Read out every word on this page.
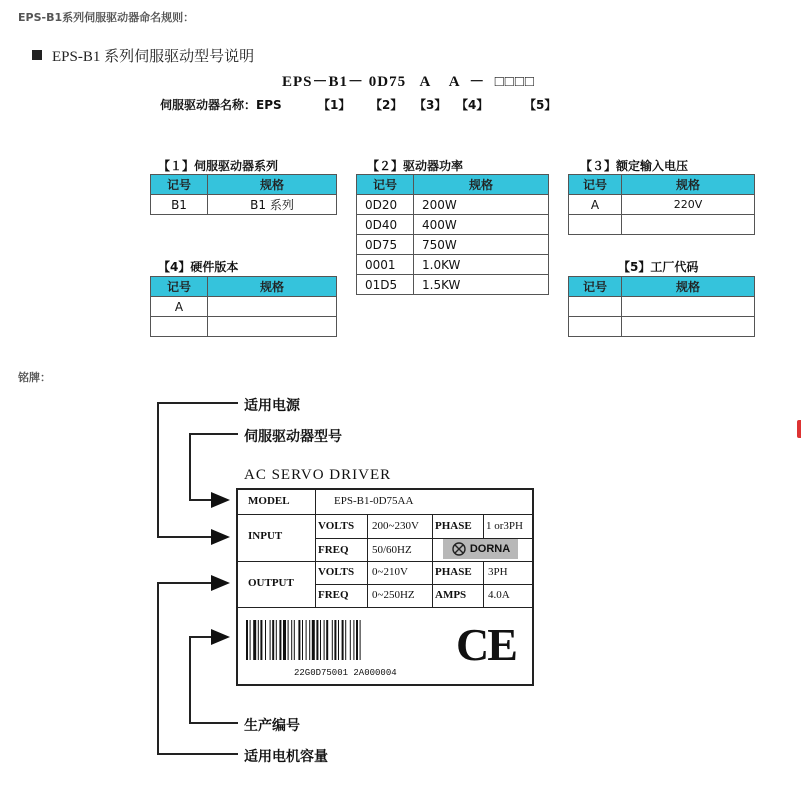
EPS-B1系列伺服驱动器命名规则：
EPS-B1 系列伺服驱动型号说明
EPS－B1－ 0D75   A    A  －  □□□□
伺服驱动器名称：EPS	【1】 【2】 【3】 【4】	【5】
【１】伺服驱动器系列
记号	规格
B1	B1 系列
【２】驱动器功率
记号	规格
0D20	200W
0D40	400W
0D75	750W
0001	1.0KW
01D5	1.5KW
【３】额定输入电压
记号	规格
A	220V

【4】硬件版本
记号	规格
A	

【5】工厂代码
记号	规格

铭牌：
适用电源
伺服驱动器型号
生产编号
适用电机容量
AC SERVO DRIVER
MODEL	EPS-B1-0D75AA
INPUT
VOLTS 200~230V PHASE 1 or3PH
FREQ 50/60HZ	DORNA
OUTPUT
VOLTS 0~210V PHASE 3PH
FREQ 0~250HZ AMPS 4.0A
22G0D75001 2A000004
CE
